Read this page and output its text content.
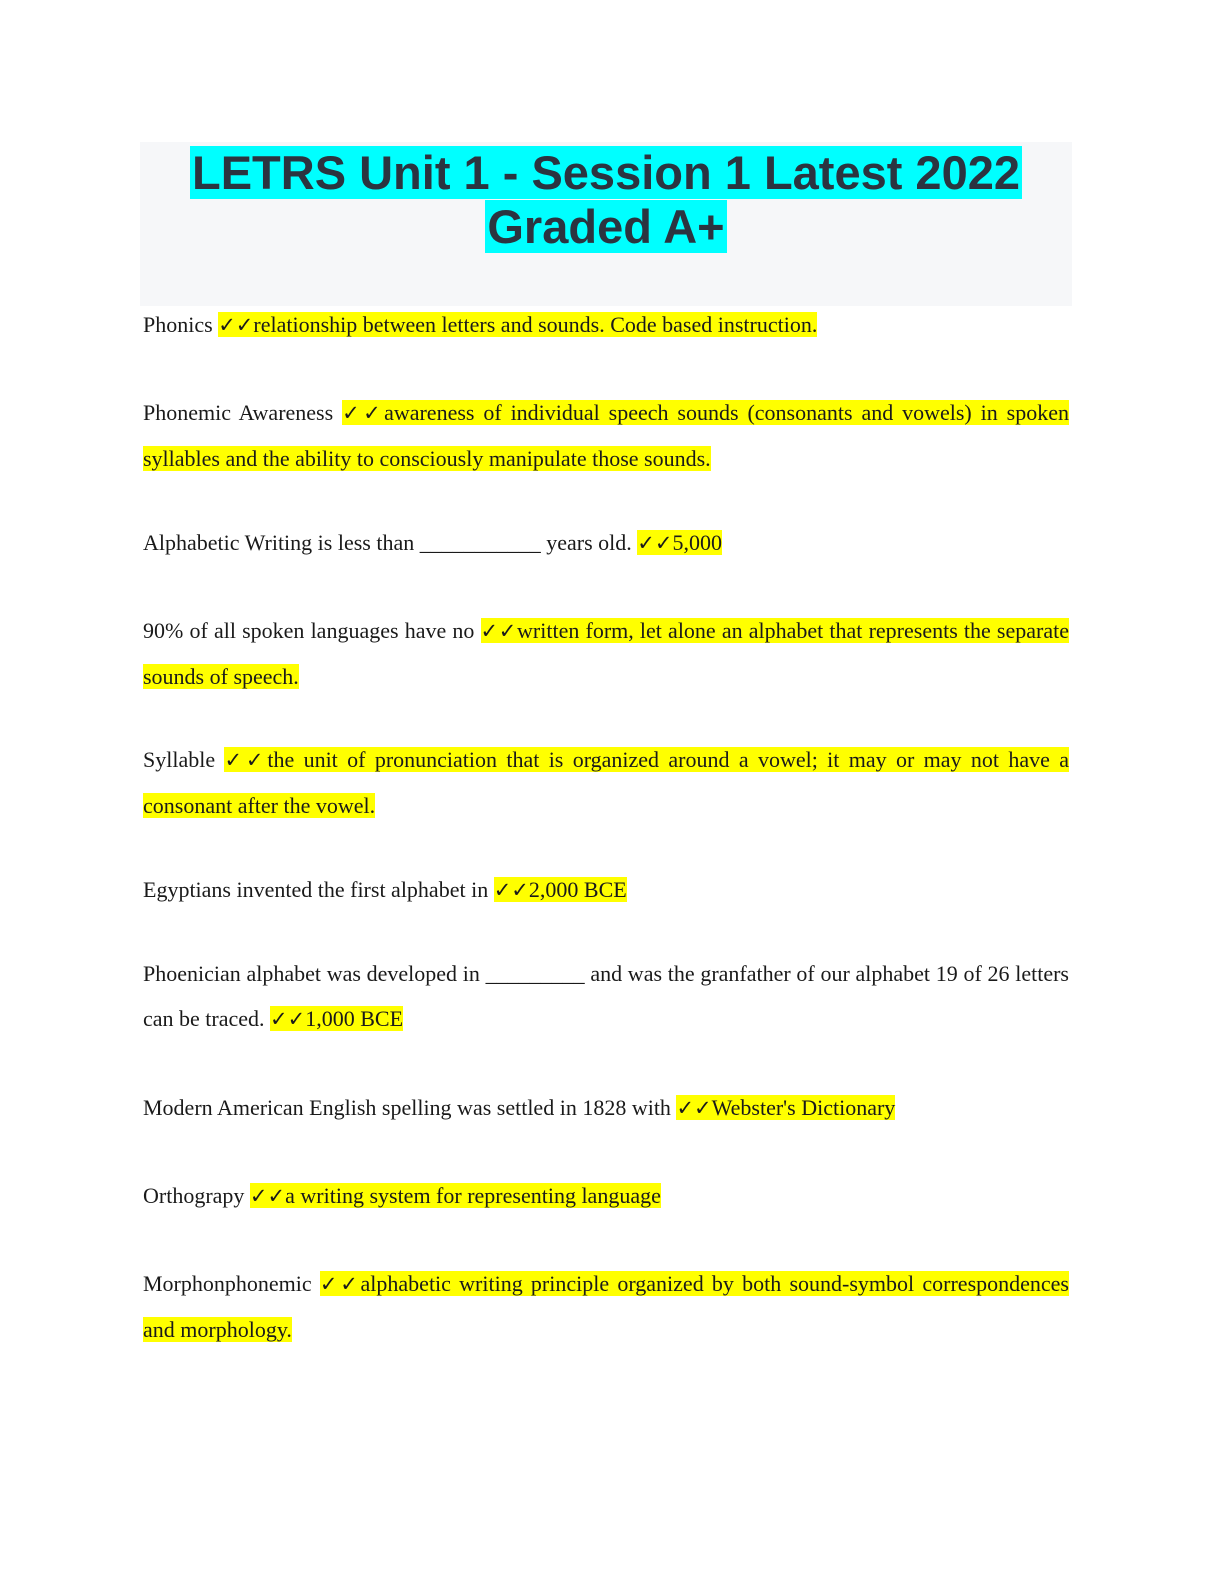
LETRS Unit 1 - Session 1 Latest 2022 Graded A+

Phonics ✓✓relationship between letters and sounds. Code based instruction.

Phonemic Awareness ✓✓awareness of individual speech sounds (consonants and vowels) in spoken syllables and the ability to consciously manipulate those sounds.

Alphabetic Writing is less than ___________ years old. ✓✓5,000

90% of all spoken languages have no ✓✓written form, let alone an alphabet that represents the separate sounds of speech.

Syllable ✓✓the unit of pronunciation that is organized around a vowel; it may or may not have a consonant after the vowel.

Egyptians invented the first alphabet in ✓✓2,000 BCE

Phoenician alphabet was developed in _________ and was the granfather of our alphabet 19 of 26 letters can be traced. ✓✓1,000 BCE

Modern American English spelling was settled in 1828 with ✓✓Webster's Dictionary

Orthograpy ✓✓a writing system for representing language

Morphonphonemic ✓✓alphabetic writing principle organized by both sound-symbol correspondences and morphology.
